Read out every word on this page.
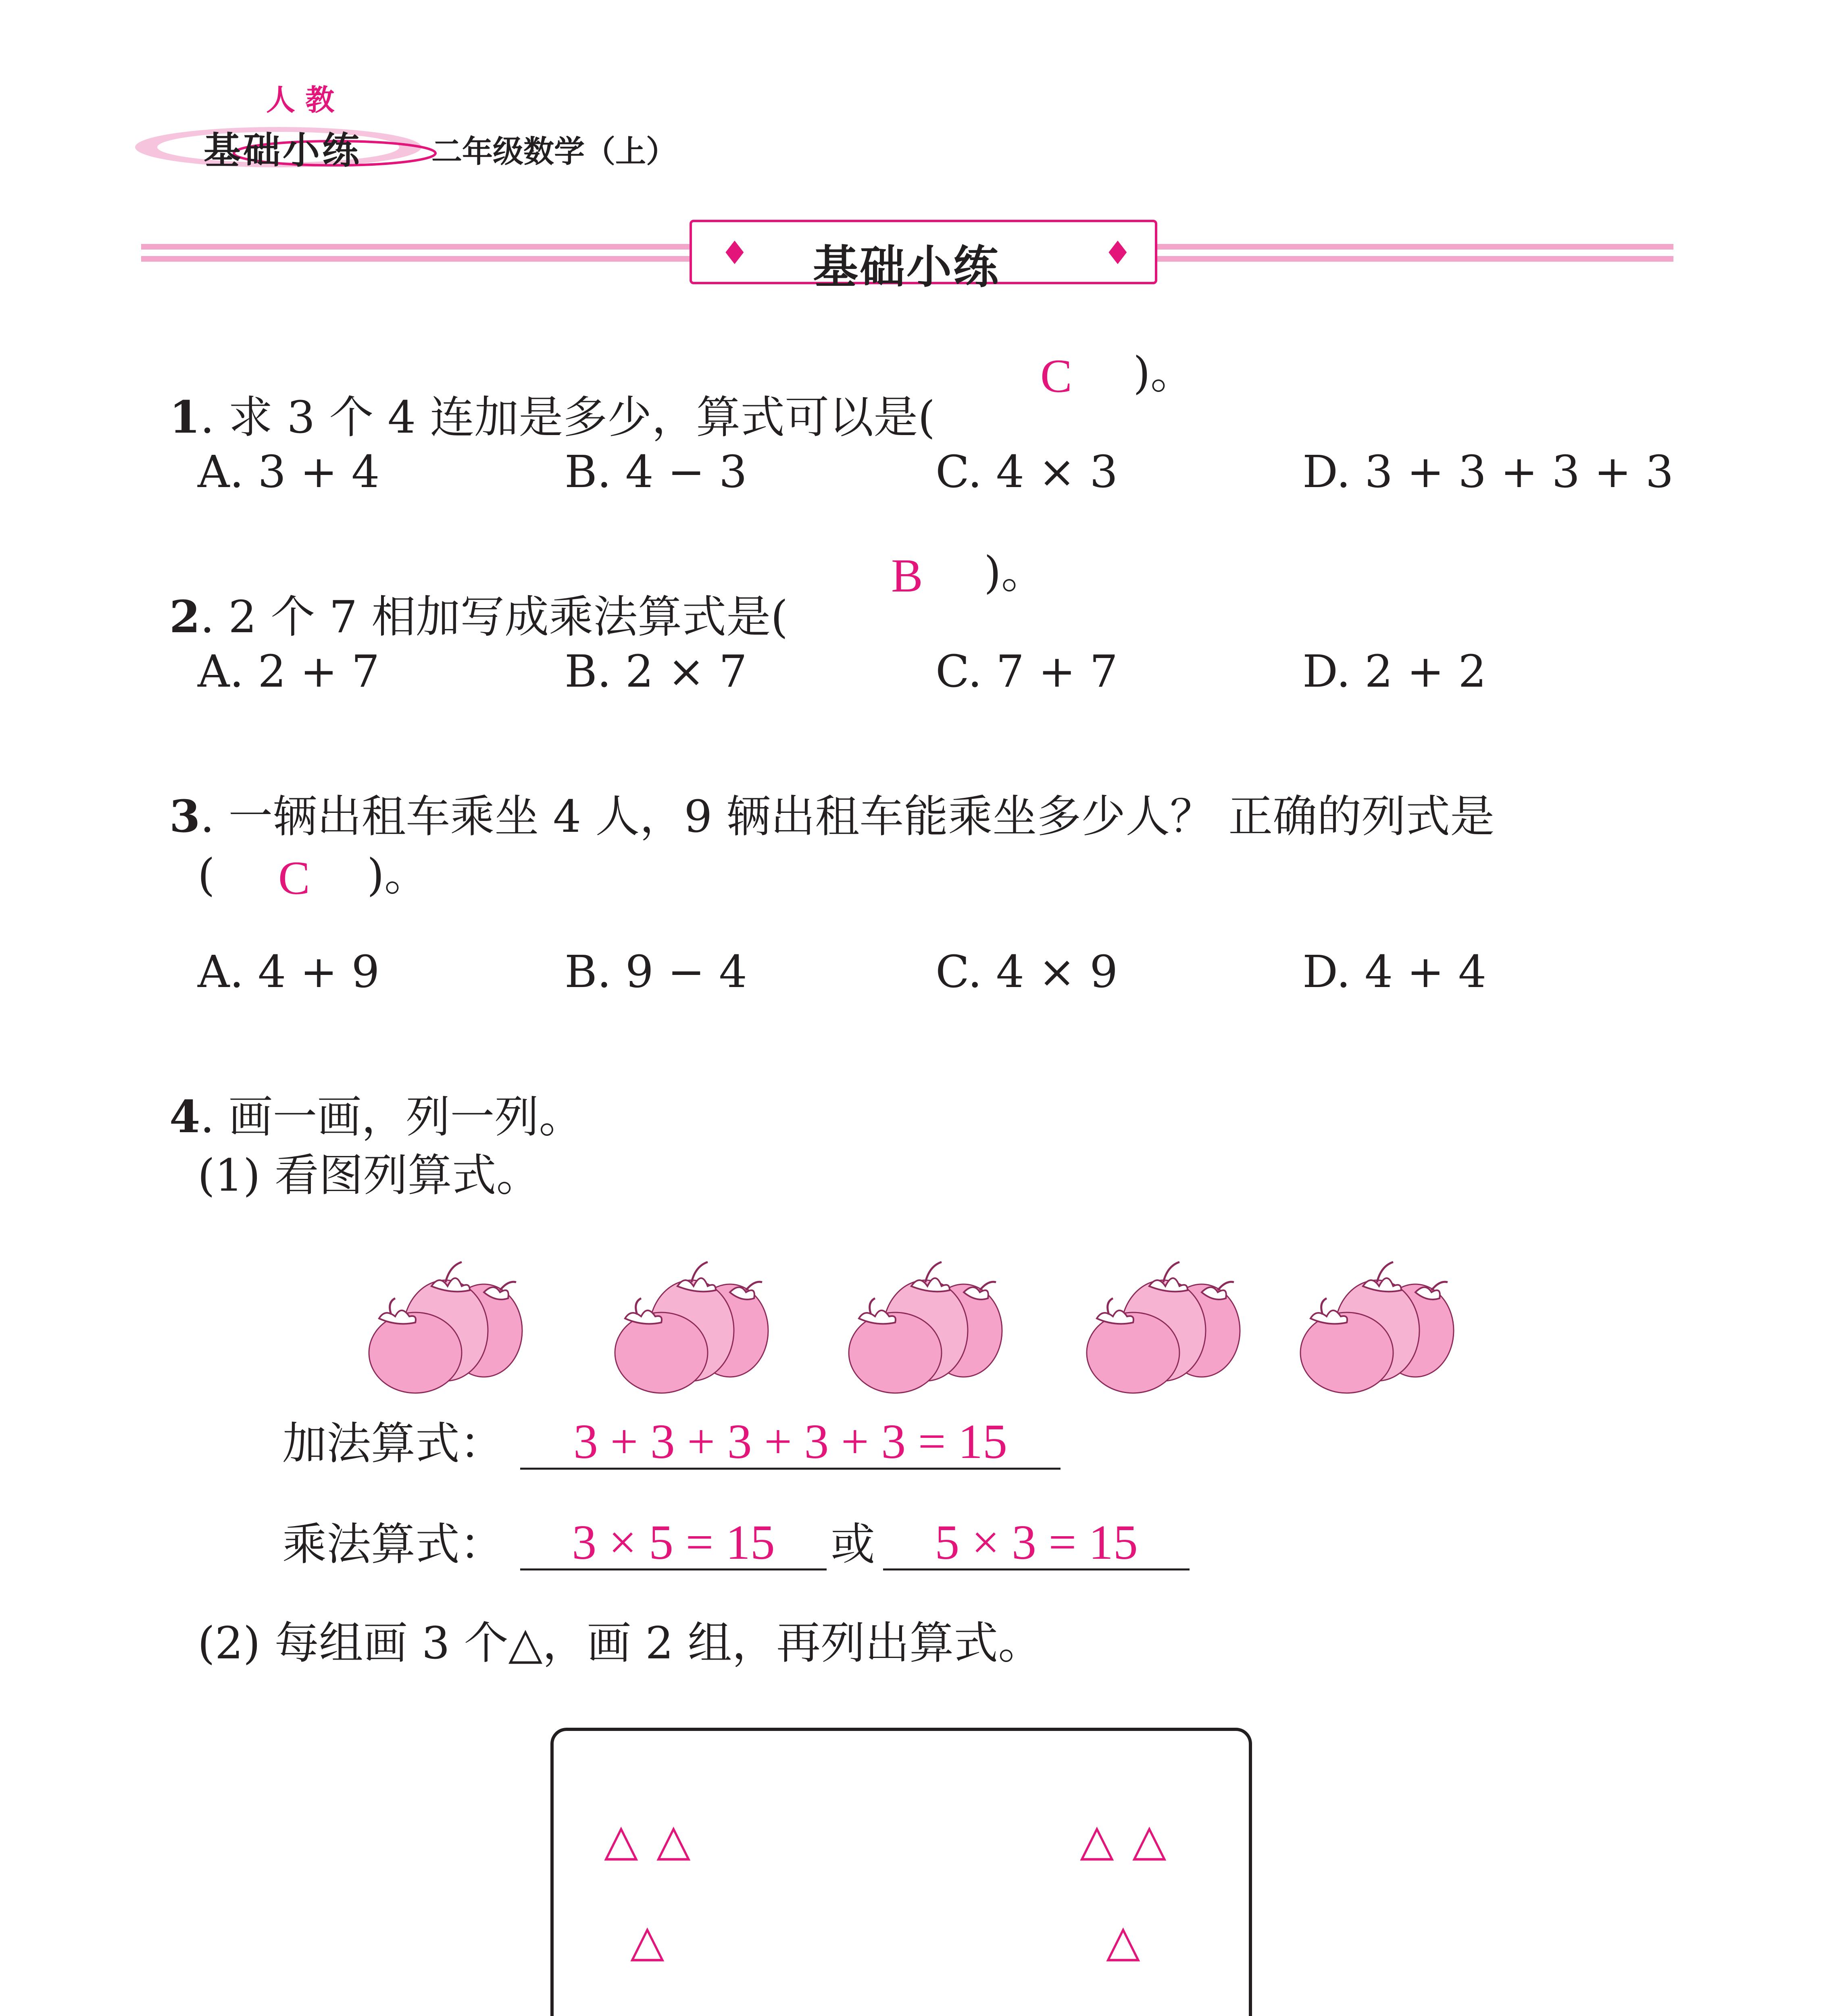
人 教
基础小练 二年级数学（上）
♦ 基础小练	♦

1. 求 3 个 4 连加是多少，算式可以是(

C )。
A. 3 + 4	B. 4 − 3	C. 4 × 3	D. 3 + 3 + 3 + 3

2. 2 个 7 相加写成乘法算式是(

B )。
A. 2 + 7	B. 2 × 7	C. 7 + 7	D. 2 + 2

3. 一辆出租车乘坐 4 人，9 辆出租车能乘坐多少人？ 正确的列式是

( C )。
A. 4 + 9	B. 9 − 4	C. 4 × 9	D. 4 + 4

4. 画一画，列一列。

(1) 看图列算式。
加法算式：	3 + 3 + 3 + 3 + 3 = 15
乘法算式：	3 × 5 = 15	或	5 × 3 = 15
(2) 每组画 3 个△，画 2 组，再列出算式。
△ △
△
△ △
△
